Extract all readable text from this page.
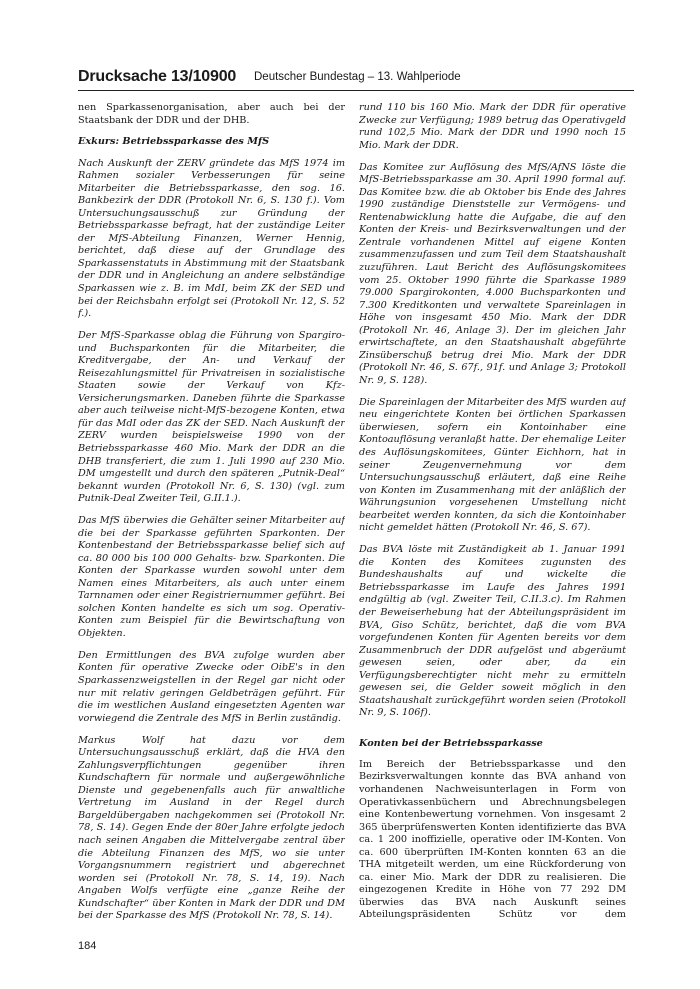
Drucksache 13/10900 Deutscher Bundestag – 13. Wahlperiode

nen Sparkassenorganisation, aber auch bei der Staatsbank der DDR und der DHB.

Exkurs: Betriebssparkasse des MfS

Nach Auskunft der ZERV gründete das MfS 1974 im Rahmen sozialer Verbesserungen für seine Mitarbeiter die Betriebssparkasse, den sog. 16. Bankbezirk der DDR (Protokoll Nr. 6, S. 130 f.). Vom Untersuchungsausschuß zur Gründung der Betriebssparkasse befragt, hat der zuständige Leiter der MfS-Abteilung Finanzen, Werner Hennig, berichtet, daß diese auf der Grundlage des Sparkassenstatuts in Abstimmung mit der Staatsbank der DDR und in Angleichung an andere selbständige Sparkassen wie z. B. im MdI, beim ZK der SED und bei der Reichsbahn erfolgt sei (Protokoll Nr. 12, S. 52 f.).

Der MfS-Sparkasse oblag die Führung von Spargiro- und Buchsparkonten für die Mitarbeiter, die Kreditvergabe, der An- und Verkauf der Reisezahlungsmittel für Privatreisen in sozialistische Staaten sowie der Verkauf von Kfz-Versicherungsmarken. Daneben führte die Sparkasse aber auch teilweise nicht-MfS-bezogene Konten, etwa für das MdI oder das ZK der SED. Nach Auskunft der ZERV wurden beispielsweise 1990 von der Betriebssparkasse 460 Mio. Mark der DDR an die DHB transferiert, die zum 1. Juli 1990 auf 230 Mio. DM umgestellt und durch den späteren „Putnik-Deal“ bekannt wurden (Protokoll Nr. 6, S. 130) (vgl. zum Putnik-Deal Zweiter Teil, G.II.1.).

Das MfS überwies die Gehälter seiner Mitarbeiter auf die bei der Sparkasse geführten Sparkonten. Der Kontenbestand der Betriebssparkasse belief sich auf ca. 80 000 bis 100 000 Gehalts- bzw. Sparkonten. Die Konten der Sparkasse wurden sowohl unter dem Namen eines Mitarbeiters, als auch unter einem Tarnnamen oder einer Registriernummer geführt. Bei solchen Konten handelte es sich um sog. Operativ-Konten zum Beispiel für die Bewirtschaftung von Objekten.

Den Ermittlungen des BVA zufolge wurden aber Konten für operative Zwecke oder OibE's in den Sparkassenzweigstellen in der Regel gar nicht oder nur mit relativ geringen Geldbeträgen geführt. Für die im westlichen Ausland eingesetzten Agenten war vorwiegend die Zentrale des MfS in Berlin zuständig.

Markus Wolf hat dazu vor dem Untersuchungsausschuß erklärt, daß die HVA den Zahlungsverpflichtungen gegenüber ihren Kundschaftern für normale und außergewöhnliche Dienste und gegebenenfalls auch für anwaltliche Vertretung im Ausland in der Regel durch Bargeldübergaben nachgekommen sei (Protokoll Nr. 78, S. 14). Gegen Ende der 80er Jahre erfolgte jedoch nach seinen Angaben die Mittelvergabe zentral über die Abteilung Finanzen des MfS, wo sie unter Vorgangsnummern registriert und abgerechnet worden sei (Protokoll Nr. 78, S. 14, 19). Nach Angaben Wolfs verfügte eine „ganze Reihe der Kundschafter“ über Konten in Mark der DDR und DM bei der Sparkasse des MfS (Protokoll Nr. 78, S. 14).

rund 110 bis 160 Mio. Mark der DDR für operative Zwecke zur Verfügung; 1989 betrug das Operativgeld rund 102,5 Mio. Mark der DDR und 1990 noch 15 Mio. Mark der DDR.

Das Komitee zur Auflösung des MfS/AfNS löste die MfS-Betriebssparkasse am 30. April 1990 formal auf. Das Komitee bzw. die ab Oktober bis Ende des Jahres 1990 zuständige Dienststelle zur Vermögens- und Rentenabwicklung hatte die Aufgabe, die auf den Konten der Kreis- und Bezirksverwaltungen und der Zentrale vorhandenen Mittel auf eigene Konten zusammenzufassen und zum Teil dem Staatshaushalt zuzuführen. Laut Bericht des Auflösungskomitees vom 25. Oktober 1990 führte die Sparkasse 1989 79.000 Spargirokonten, 4.000 Buchsparkonten und 7.300 Kreditkonten und verwaltete Spareinlagen in Höhe von insgesamt 450 Mio. Mark der DDR (Protokoll Nr. 46, Anlage 3). Der im gleichen Jahr erwirtschaftete, an den Staatshaushalt abgeführte Zinsüberschuß betrug drei Mio. Mark der DDR (Protokoll Nr. 46, S. 67f., 91f. und Anlage 3; Protokoll Nr. 9, S. 128).

Die Spareinlagen der Mitarbeiter des MfS wurden auf neu eingerichtete Konten bei örtlichen Sparkassen überwiesen, sofern ein Kontoinhaber eine Kontoauflösung veranlaßt hatte. Der ehemalige Leiter des Auflösungskomitees, Günter Eichhorn, hat in seiner Zeugenvernehmung vor dem Untersuchungsausschuß erläutert, daß eine Reihe von Konten im Zusammenhang mit der anläßlich der Währungsunion vorgesehenen Umstellung nicht bearbeitet werden konnten, da sich die Kontoinhaber nicht gemeldet hätten (Protokoll Nr. 46, S. 67).

Das BVA löste mit Zuständigkeit ab 1. Januar 1991 die Konten des Komitees zugunsten des Bundeshaushalts auf und wickelte die Betriebssparkasse im Laufe des Jahres 1991 endgültig ab (vgl. Zweiter Teil, C.II.3.c). Im Rahmen der Beweiserhebung hat der Abteilungspräsident im BVA, Giso Schütz, berichtet, daß die vom BVA vorgefundenen Konten für Agenten bereits vor dem Zusammenbruch der DDR aufgelöst und abgeräumt gewesen seien, oder aber, da ein Verfügungsberechtigter nicht mehr zu ermitteln gewesen sei, die Gelder soweit möglich in den Staatshaushalt zurückgeführt worden seien (Protokoll Nr. 9, S. 106f).

Konten bei der Betriebssparkasse

Im Bereich der Betriebssparkasse und den Bezirksverwaltungen konnte das BVA anhand von vorhandenen Nachweisunterlagen in Form von Operativkassenbüchern und Abrechnungsbelegen eine Kontenbewertung vornehmen. Von insgesamt 2 365 überprüfenswerten Konten identifizierte das BVA ca. 1 200 inoffizielle, operative oder IM-Konten. Von ca. 600 überprüften IM-Konten konnten 63 an die THA mitgeteilt werden, um eine Rückforderung von ca. einer Mio. Mark der DDR zu realisieren. Die eingezogenen Kredite in Höhe von 77 292 DM überwies das BVA nach Auskunft seines Abteilungspräsidenten Schütz vor dem

184
